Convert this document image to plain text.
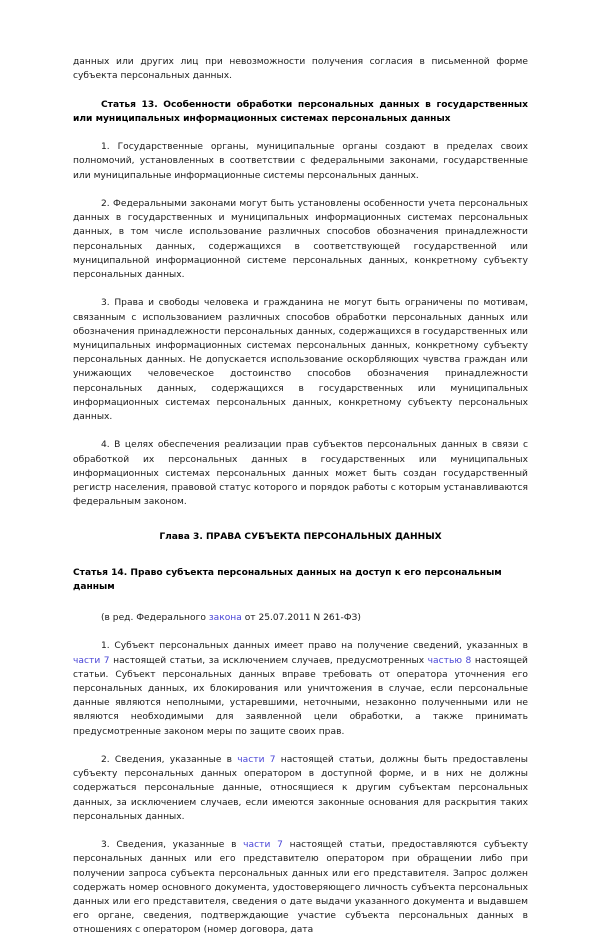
данных или других лиц при невозможности получения согласия в письменной форме субъекта персональных данных.

Статья 13. Особенности обработки персональных данных в государственных или муниципальных информационных системах персональных данных

1. Государственные органы, муниципальные органы создают в пределах своих полномочий, установленных в соответствии с федеральными законами, государственные или муниципальные информационные системы персональных данных.

2. Федеральными законами могут быть установлены особенности учета персональных данных в государственных и муниципальных информационных системах персональных данных, в том числе использование различных способов обозначения принадлежности персональных данных, содержащихся в соответствующей государственной или муниципальной информационной системе персональных данных, конкретному субъекту персональных данных.

3. Права и свободы человека и гражданина не могут быть ограничены по мотивам, связанным с использованием различных способов обработки персональных данных или обозначения принадлежности персональных данных, содержащихся в государственных или муниципальных информационных системах персональных данных, конкретному субъекту персональных данных. Не допускается использование оскорбляющих чувства граждан или унижающих человеческое достоинство способов обозначения принадлежности персональных данных, содержащихся в государственных или муниципальных информационных системах персональных данных, конкретному субъекту персональных данных.

4. В целях обеспечения реализации прав субъектов персональных данных в связи с обработкой их персональных данных в государственных или муниципальных информационных системах персональных данных может быть создан государственный регистр населения, правовой статус которого и порядок работы с которым устанавливаются федеральным законом.

Глава 3. ПРАВА СУБЪЕКТА ПЕРСОНАЛЬНЫХ ДАННЫХ

Статья 14. Право субъекта персональных данных на доступ к его персональным данным

(в ред. Федерального закона от 25.07.2011 N 261-ФЗ)

1. Субъект персональных данных имеет право на получение сведений, указанных в части 7 настоящей статьи, за исключением случаев, предусмотренных частью 8 настоящей статьи. Субъект персональных данных вправе требовать от оператора уточнения его персональных данных, их блокирования или уничтожения в случае, если персональные данные являются неполными, устаревшими, неточными, незаконно полученными или не являются необходимыми для заявленной цели обработки, а также принимать предусмотренные законом меры по защите своих прав.

2. Сведения, указанные в части 7 настоящей статьи, должны быть предоставлены субъекту персональных данных оператором в доступной форме, и в них не должны содержаться персональные данные, относящиеся к другим субъектам персональных данных, за исключением случаев, если имеются законные основания для раскрытия таких персональных данных.

3. Сведения, указанные в части 7 настоящей статьи, предоставляются субъекту персональных данных или его представителю оператором при обращении либо при получении запроса субъекта персональных данных или его представителя. Запрос должен содержать номер основного документа, удостоверяющего личность субъекта персональных данных или его представителя, сведения о дате выдачи указанного документа и выдавшем его органе, сведения, подтверждающие участие субъекта персональных данных в отношениях с оператором (номер договора, дата
